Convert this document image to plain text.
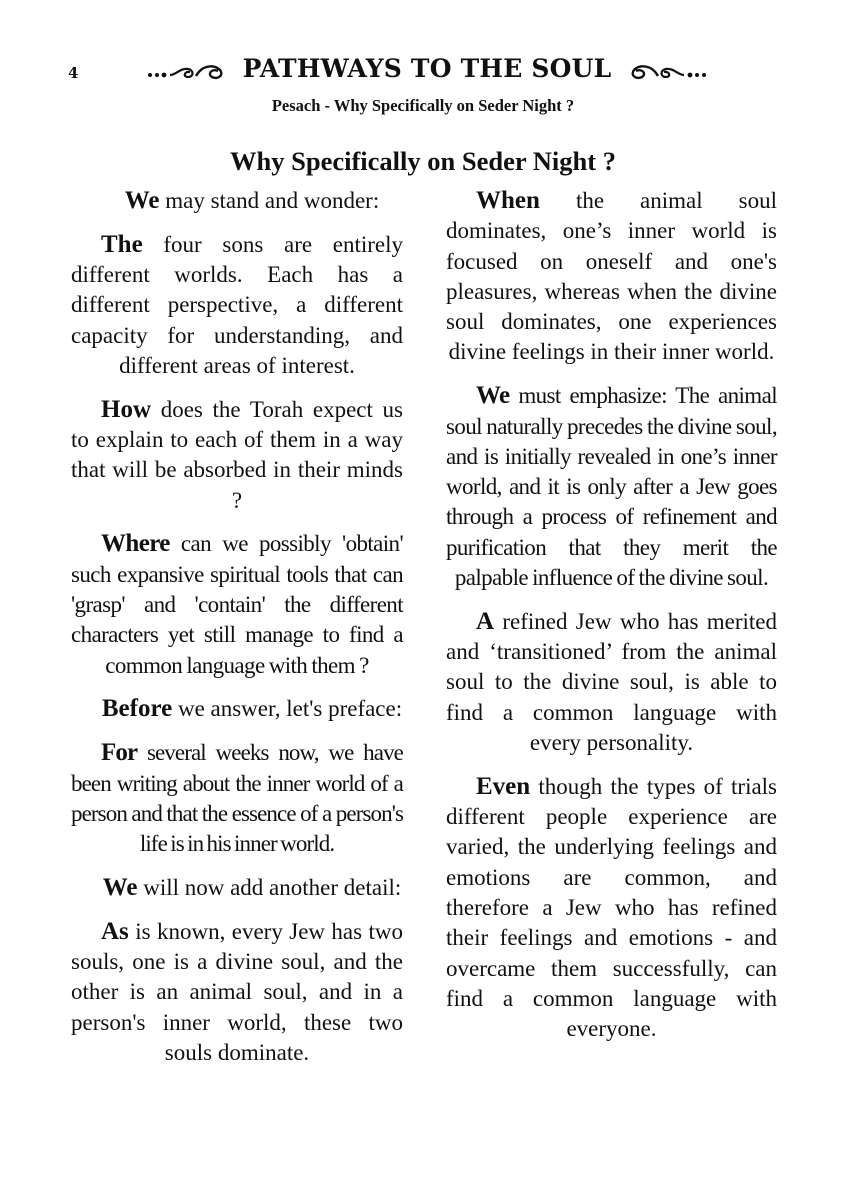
4	PATHWAYS TO THE SOUL
Pesach - Why Specifically on Seder Night ?
Why Specifically on Seder Night ?

We may stand and wonder:

The four sons are entirely different worlds. Each has a different perspective, a different capacity for understanding, and different areas of interest.

How does the Torah expect us to explain to each of them in a way that will be absorbed in their minds ?

Where can we possibly 'obtain' such expansive spiritual tools that can 'grasp' and 'contain' the different characters yet still manage to find a common language with them ?

Before we answer, let's preface:

For several weeks now, we have been writing about the inner world of a person and that the essence of a person's life is in his inner world.

We will now add another detail:

As is known, every Jew has two souls, one is a divine soul, and the other is an animal soul, and in a person's inner world, these two souls dominate.

When the animal soul dominates, one’s inner world is focused on oneself and one's pleasures, whereas when the divine soul dominates, one experiences divine feelings in their inner world.

We must emphasize: The animal soul naturally precedes the divine soul, and is initially revealed in one’s inner world, and it is only after a Jew goes through a process of refinement and purification that they merit the palpable influence of the divine soul.

A refined Jew who has merited and ‘transitioned’ from the animal soul to the divine soul, is able to find a common language with every personality.

Even though the types of trials different people experience are varied, the underlying feelings and emotions are common, and therefore a Jew who has refined their feelings and emotions - and overcame them successfully, can find a common language with everyone.
